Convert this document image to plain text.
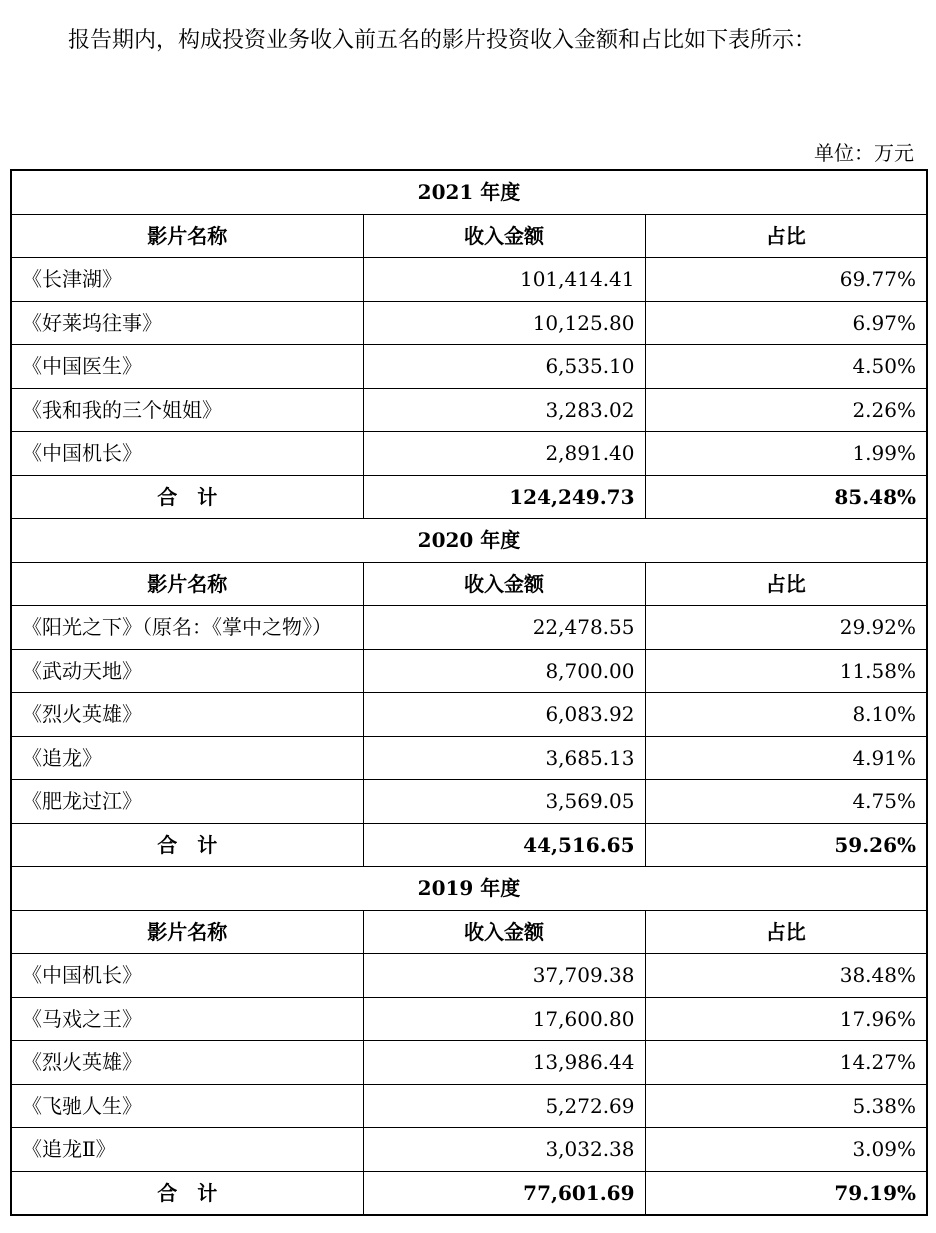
报告期内，构成投资业务收入前五名的影片投资收入金额和占比如下表所示：

单位：万元
2021 年度		
影片名称	收入金额	占比
《长津湖》	101,414.41	69.77%
《好莱坞往事》	10,125.80	6.97%
《中国医生》	6,535.10	4.50%
《我和我的三个姐姐》	3,283.02	2.26%
《中国机长》	2,891.40	1.99%
合　计	124,249.73	85.48%
2020 年度		
影片名称	收入金额	占比
《阳光之下》（原名：《掌中之物》）	22,478.55	29.92%
《武动天地》	8,700.00	11.58%
《烈火英雄》	6,083.92	8.10%
《追龙》	3,685.13	4.91%
《肥龙过江》	3,569.05	4.75%
合　计	44,516.65	59.26%
2019 年度		
影片名称	收入金额	占比
《中国机长》	37,709.38	38.48%
《马戏之王》	17,600.80	17.96%
《烈火英雄》	13,986.44	14.27%
《飞驰人生》	5,272.69	5.38%
《追龙Ⅱ》	3,032.38	3.09%
合　计	77,601.69	79.19%
